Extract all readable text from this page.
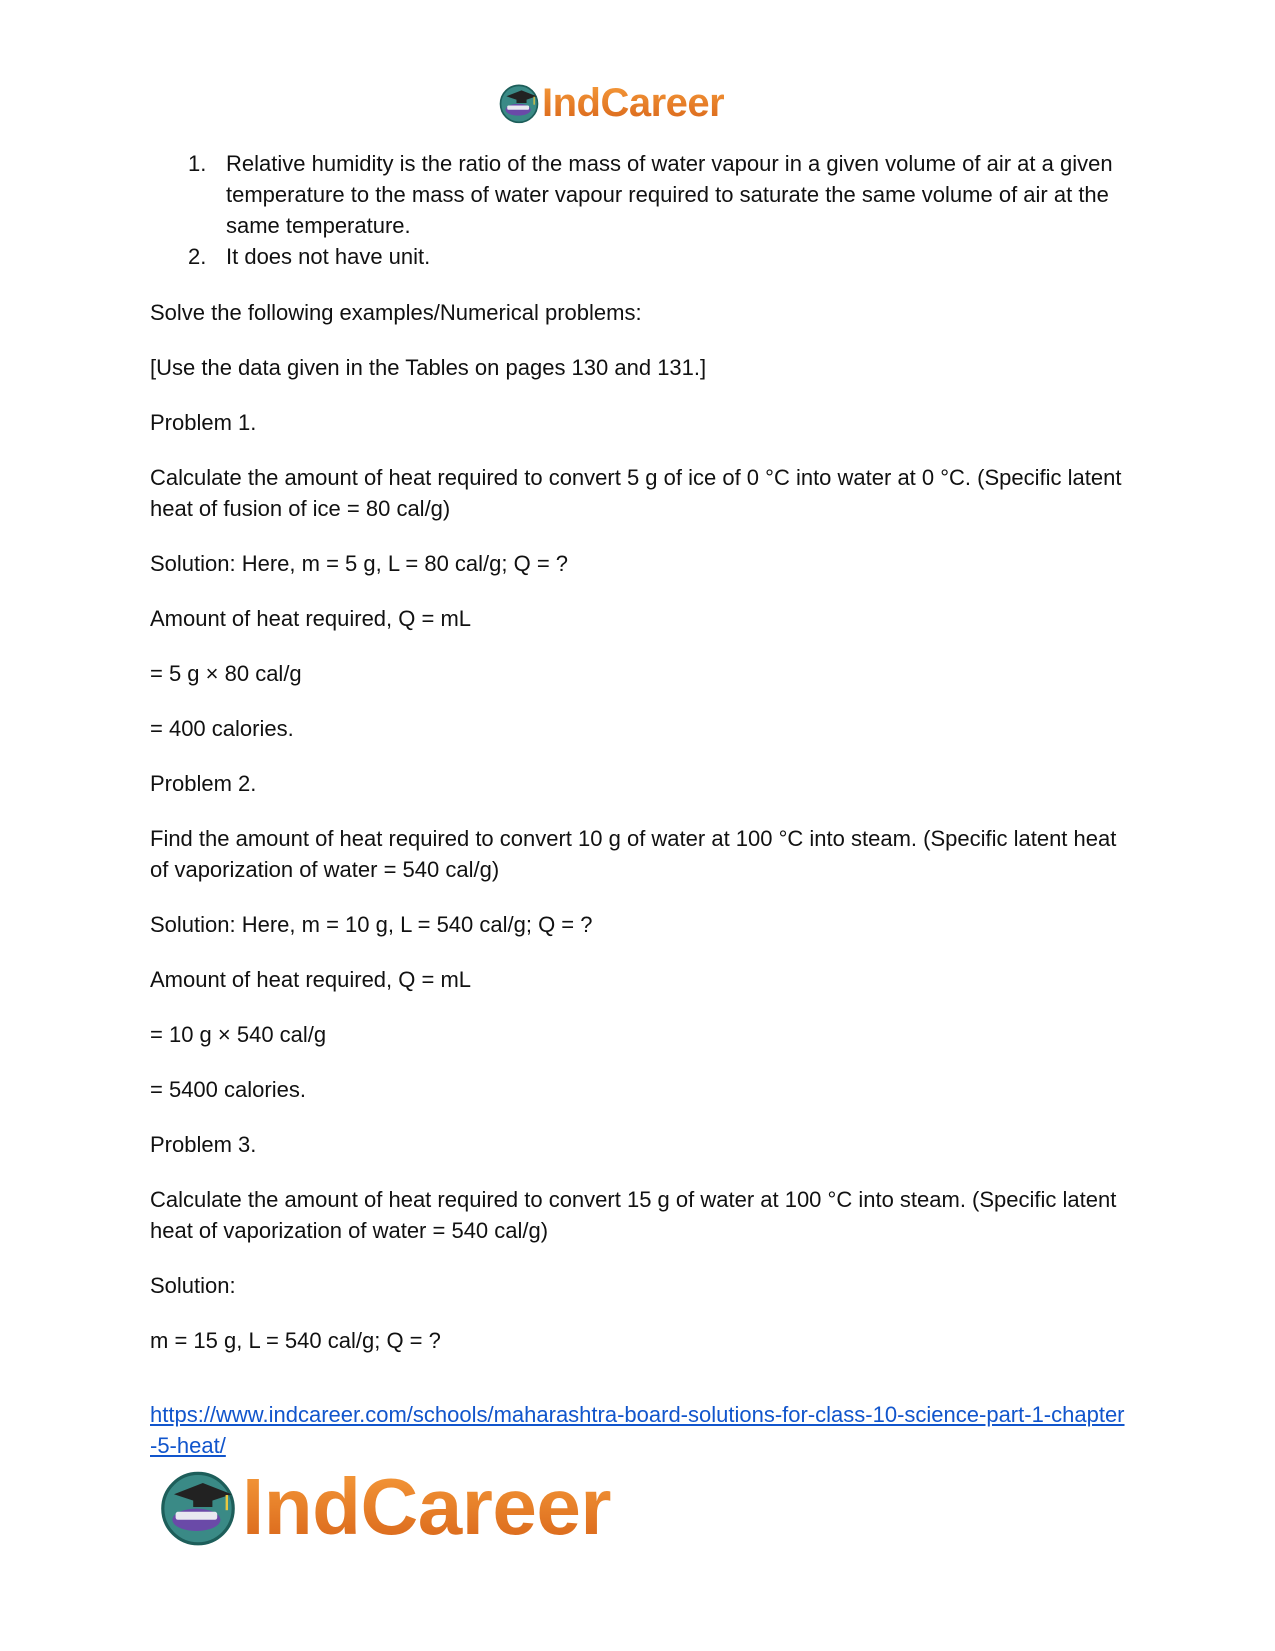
IndCareer
1. Relative humidity is the ratio of the mass of water vapour in a given volume of air at a given temperature to the mass of water vapour required to saturate the same volume of air at the same temperature.
2. It does not have unit.

Solve the following examples/Numerical problems:

[Use the data given in the Tables on pages 130 and 131.]

Problem 1.

Calculate the amount of heat required to convert 5 g of ice of 0 °C into water at 0 °C. (Specific latent heat of fusion of ice = 80 cal/g)

Solution: Here, m = 5 g, L = 80 cal/g; Q = ?

Amount of heat required, Q = mL

= 5 g × 80 cal/g

= 400 calories.

Problem 2.

Find the amount of heat required to convert 10 g of water at 100 °C into steam. (Specific latent heat of vaporization of water = 540 cal/g)

Solution: Here, m = 10 g, L = 540 cal/g; Q = ?

Amount of heat required, Q = mL

= 10 g × 540 cal/g

= 5400 calories.

Problem 3.

Calculate the amount of heat required to convert 15 g of water at 100 °C into steam. (Specific latent heat of vaporization of water = 540 cal/g)

Solution:

m = 15 g, L = 540 cal/g; Q = ?

https://www.indcareer.com/schools/maharashtra-board-solutions-for-class-10-science-part-1-chapter-5-heat/
IndCareer
